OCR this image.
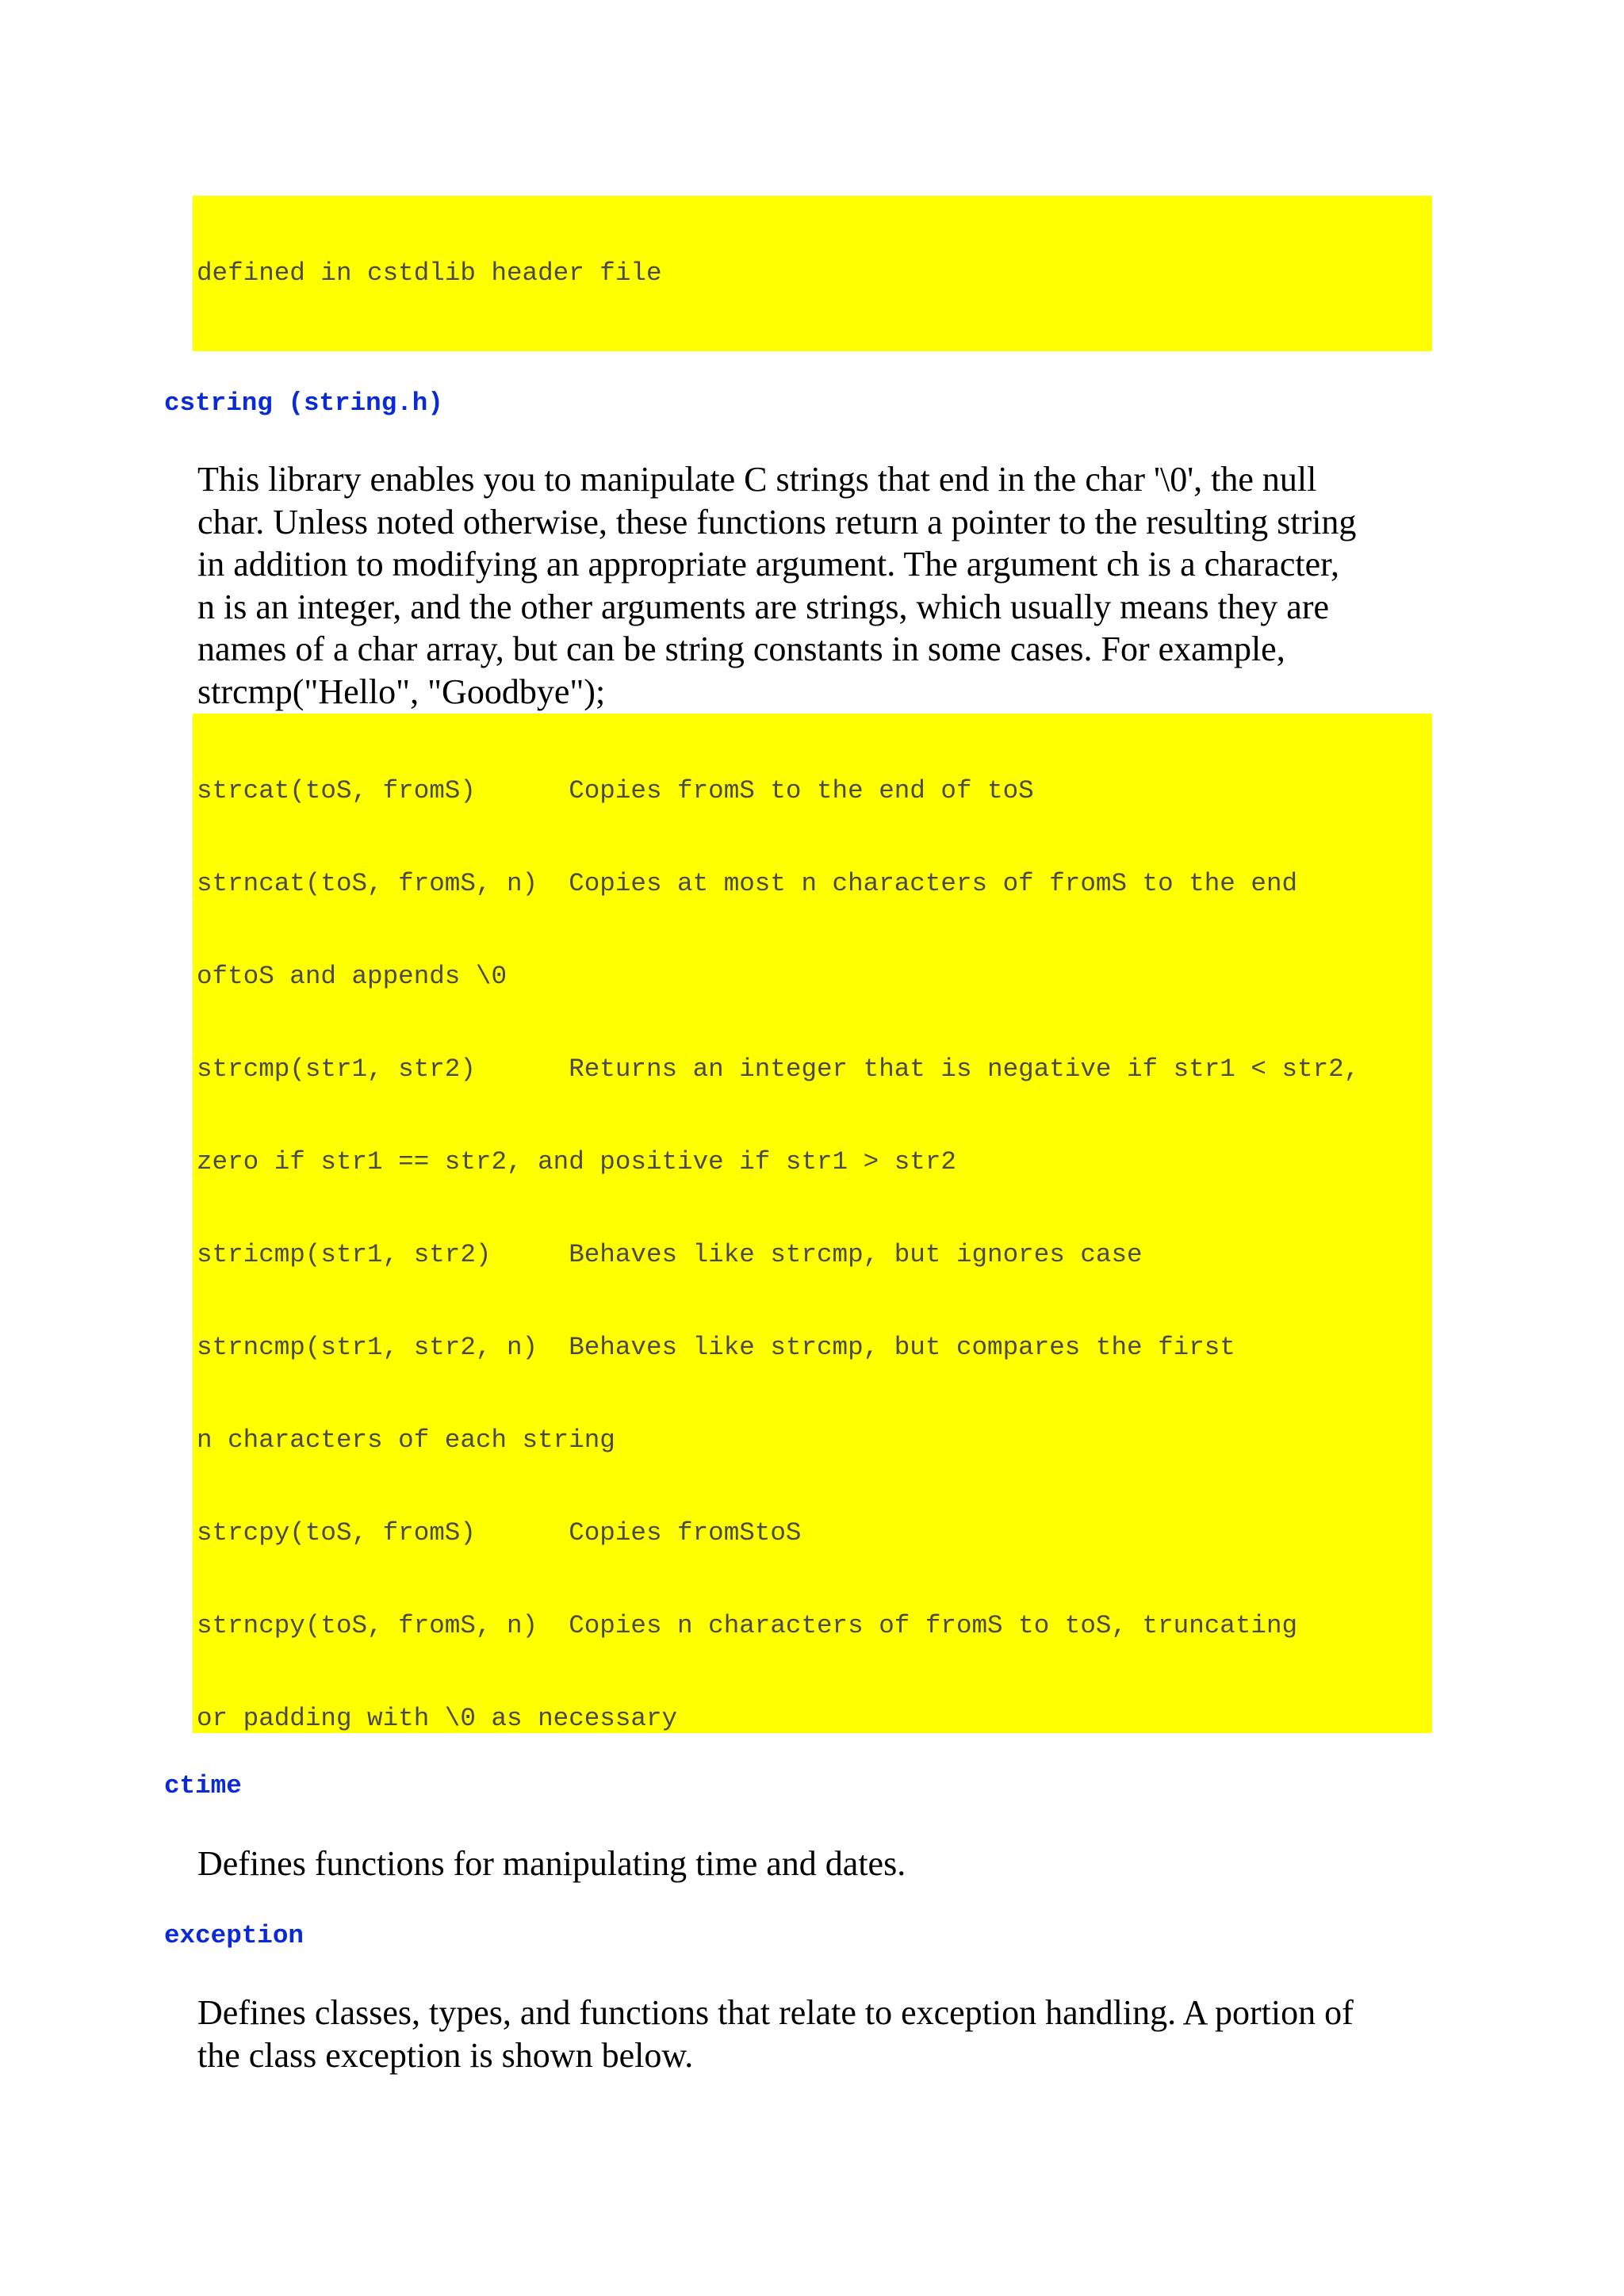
defined in cstdlib header file

cstring (string.h)

This library enables you to manipulate C strings that end in the char '\0', the null
char. Unless noted otherwise, these functions return a pointer to the resulting string
in addition to modifying an appropriate argument. The argument ch is a character,
n is an integer, and the other arguments are strings, which usually means they are
names of a char array, but can be string constants in some cases. For example,
strcmp("Hello", "Goodbye");

strcat(toS, fromS)      Copies fromS to the end of toS

strncat(toS, fromS, n)  Copies at most n characters of fromS to the end

oftoS and appends \0

strcmp(str1, str2)      Returns an integer that is negative if str1 < str2,

zero if str1 == str2, and positive if str1 > str2

stricmp(str1, str2)     Behaves like strcmp, but ignores case

strncmp(str1, str2, n)  Behaves like strcmp, but compares the first

n characters of each string

strcpy(toS, fromS)      Copies fromStoS

strncpy(toS, fromS, n)  Copies n characters of fromS to toS, truncating

or padding with \0 as necessary

ctime

Defines functions for manipulating time and dates.

exception

Defines classes, types, and functions that relate to exception handling. A portion of
the class exception is shown below.
